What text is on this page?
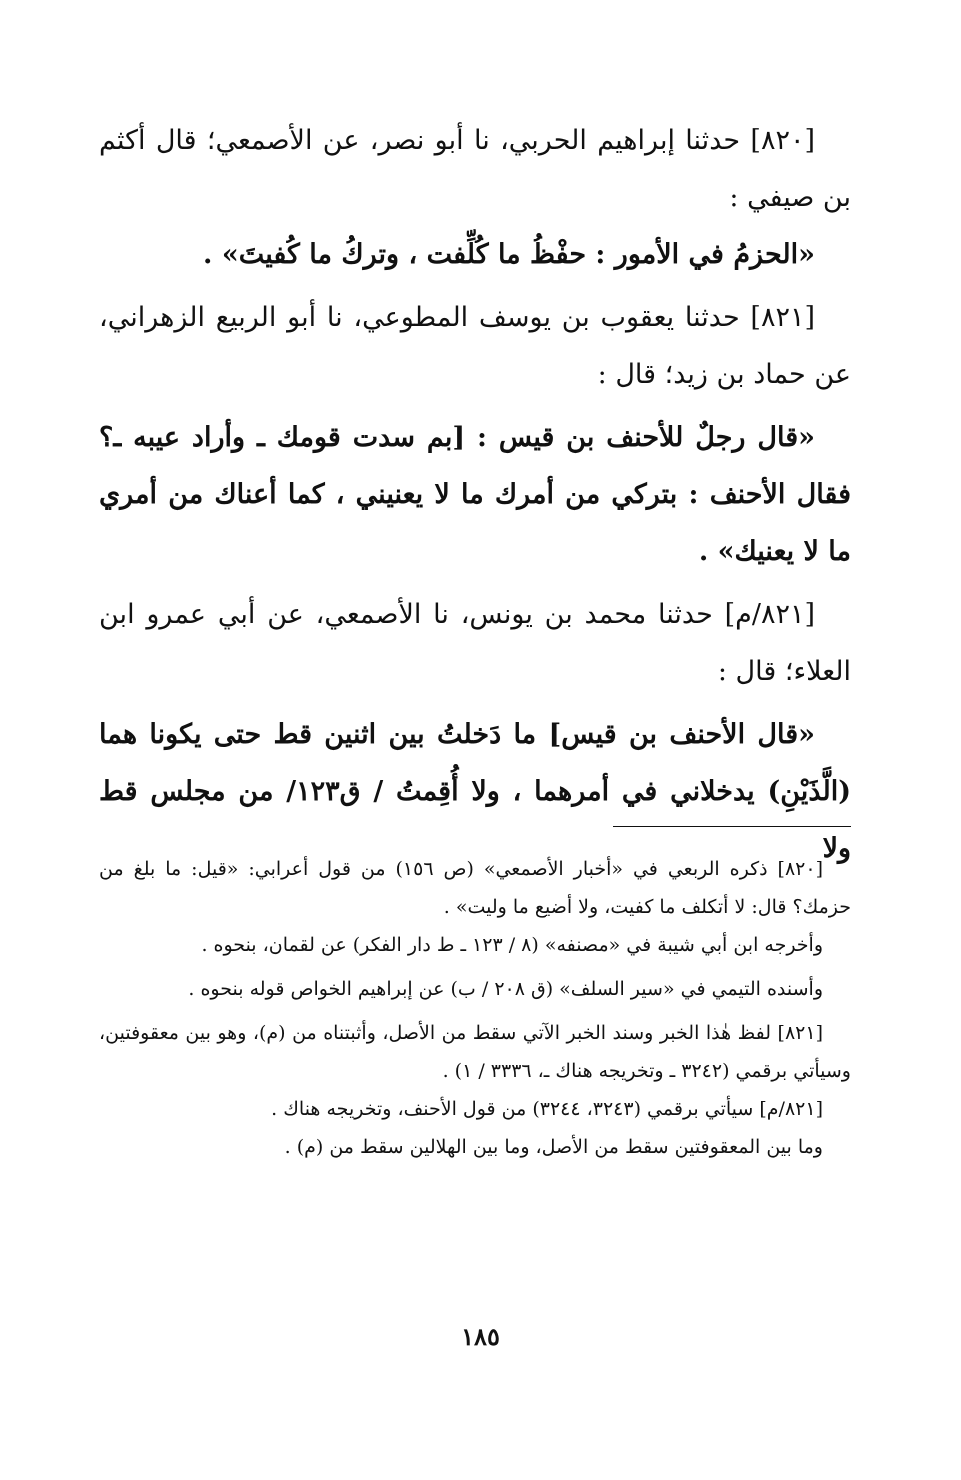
[٨٢٠] حدثنا إبراهيم الحربي، نا أبو نصر، عن الأصمعي؛ قال أكثم بن صيفي :

«الحزمُ في الأمور : حفْظُ ما كُلِّفت ، وتركُ ما كُفيتَ» .

[٨٢١] حدثنا يعقوب بن يوسف المطوعي، نا أبو الربيع الزهراني، عن حماد بن زيد؛ قال :

«قال رجلٌ للأحنف بن قيس : [بم سدت قومك ـ وأراد عيبه ـ؟ فقال الأحنف : بتركي من أمرك ما لا يعنيني ، كما أعناك من أمري ما لا يعنيك» .

[٨٢١/م] حدثنا محمد بن يونس، نا الأصمعي، عن أبي عمرو ابن العلاء؛ قال :

«قال الأحنف بن قيس] ما دَخلتُ بين اثنين قط حتى يكونا هما (الَّذَيْنِ) يدخلاني في أمرهما ، ولا أُقِمتُ / ق١٢٣/ من مجلس قط ولا

[٨٢٠] ذكره الربعي في «أخبار الأصمعي» (ص ١٥٦) من قول أعرابي: «قيل: ما بلغ من حزمك؟ قال: لا أتكلف ما كفيت، ولا أضيع ما وليت» .

وأخرجه ابن أبي شيبة في «مصنفه» (٨ / ١٢٣ ـ ط دار الفكر) عن لقمان، بنحوه .

وأسنده التيمي في «سير السلف» (ق ٢٠٨ / ب) عن إبراهيم الخواص قوله بنحوه .

[٨٢١] لفظ هٰذا الخبر وسند الخبر الآتي سقط من الأصل، وأثبتناه من (م)، وهو بين معقوفتين، وسيأتي برقمي (٣٢٤٢ ـ وتخريجه هناك ـ، ٣٣٣٦ / ١) .

[٨٢١/م] سيأتي برقمي (٣٢٤٣، ٣٢٤٤) من قول الأحنف، وتخريجه هناك .

وما بين المعقوفتين سقط من الأصل، وما بين الهلالين سقط من (م) .

١٨٥
